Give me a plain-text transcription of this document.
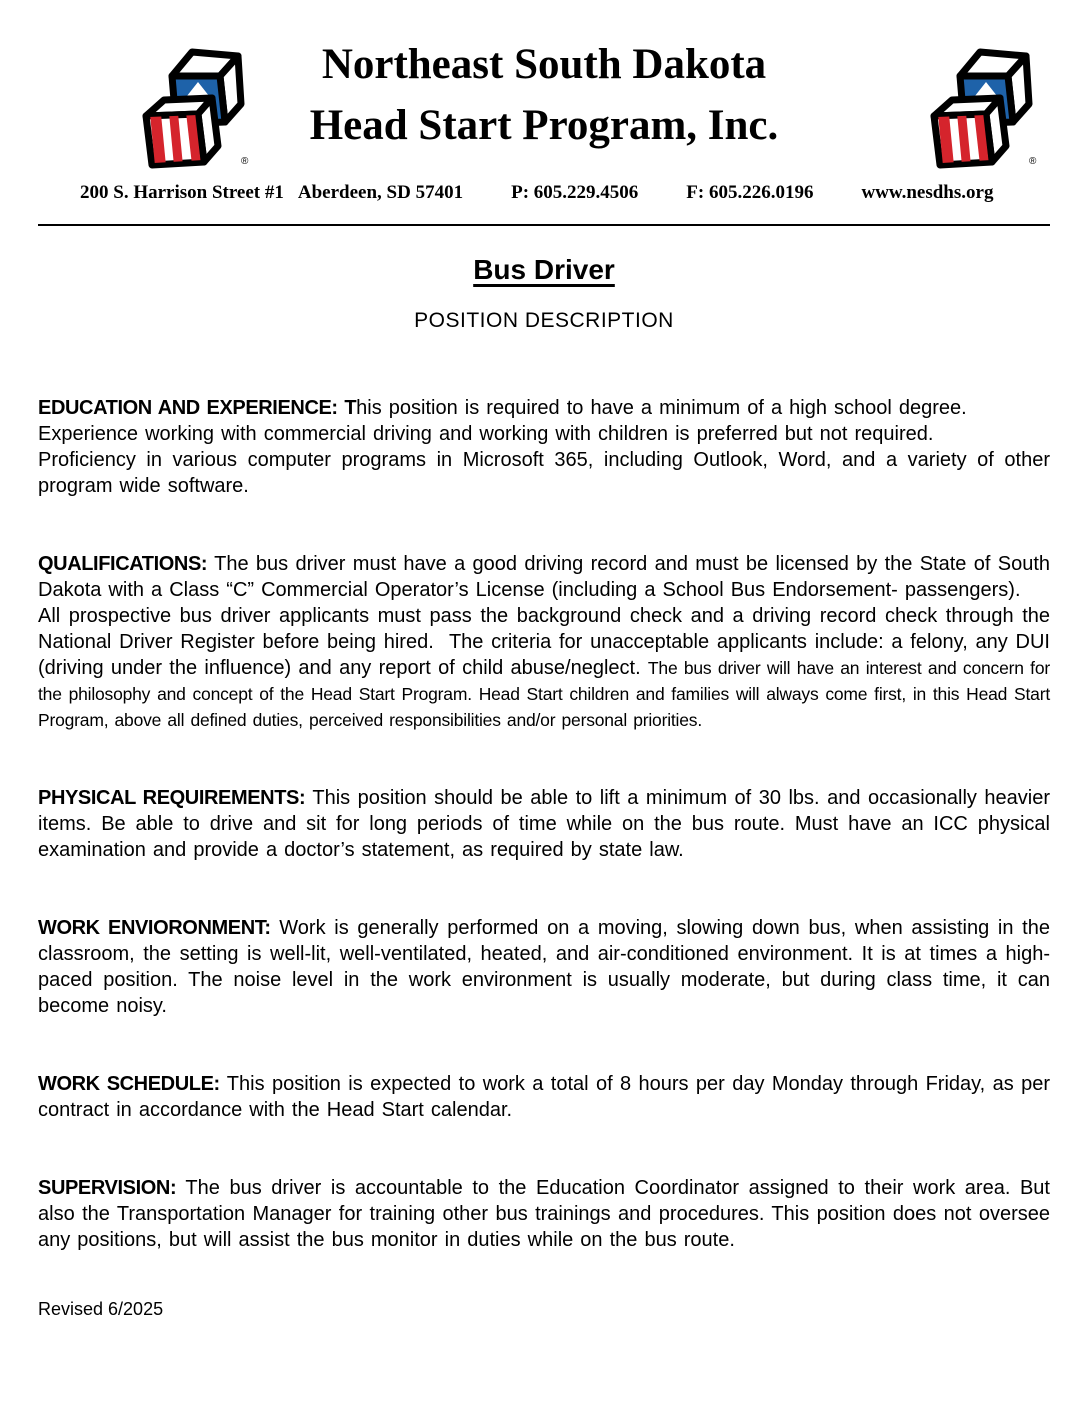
®	®
Northeast South Dakota
Head Start Program, Inc.
200 S. Harrison Street #1 Aberdeen, SD 57401	P: 605.229.4506	F: 605.226.0196	www.nesdhs.org
Bus Driver
POSITION DESCRIPTION

EDUCATION AND EXPERIENCE: This position is required to have a minimum of a high school degree.
Experience working with commercial driving and working with children is preferred but not required.
Proficiency in various computer programs in Microsoft 365, including Outlook, Word, and a variety of other program wide software.

QUALIFICATIONS: The bus driver must have a good driving record and must be licensed by the State of South Dakota with a Class “C” Commercial Operator’s License (including a School Bus Endorsement- passengers).
All prospective bus driver applicants must pass the background check and a driving record check through the National Driver Register before being hired.  The criteria for unacceptable applicants include: a felony, any DUI (driving under the influence) and any report of child abuse/neglect. The bus driver will have an interest and concern for the philosophy and concept of the Head Start Program. Head Start children and families will always come first, in this Head Start Program, above all defined duties, perceived responsibilities and/or personal priorities.

PHYSICAL REQUIREMENTS: This position should be able to lift a minimum of 30 lbs. and occasionally heavier items. Be able to drive and sit for long periods of time while on the bus route. Must have an ICC physical examination and provide a doctor’s statement, as required by state law.

WORK ENVIORONMENT: Work is generally performed on a moving, slowing down bus, when assisting in the classroom, the setting is well-lit, well-ventilated, heated, and air-conditioned environment. It is at times a high-paced position. The noise level in the work environment is usually moderate, but during class time, it can become noisy.

WORK SCHEDULE: This position is expected to work a total of 8 hours per day Monday through Friday, as per contract in accordance with the Head Start calendar.

SUPERVISION: The bus driver is accountable to the Education Coordinator assigned to their work area. But also the Transportation Manager for training other bus trainings and procedures. This position does not oversee any positions, but will assist the bus monitor in duties while on the bus route.

Revised 6/2025
